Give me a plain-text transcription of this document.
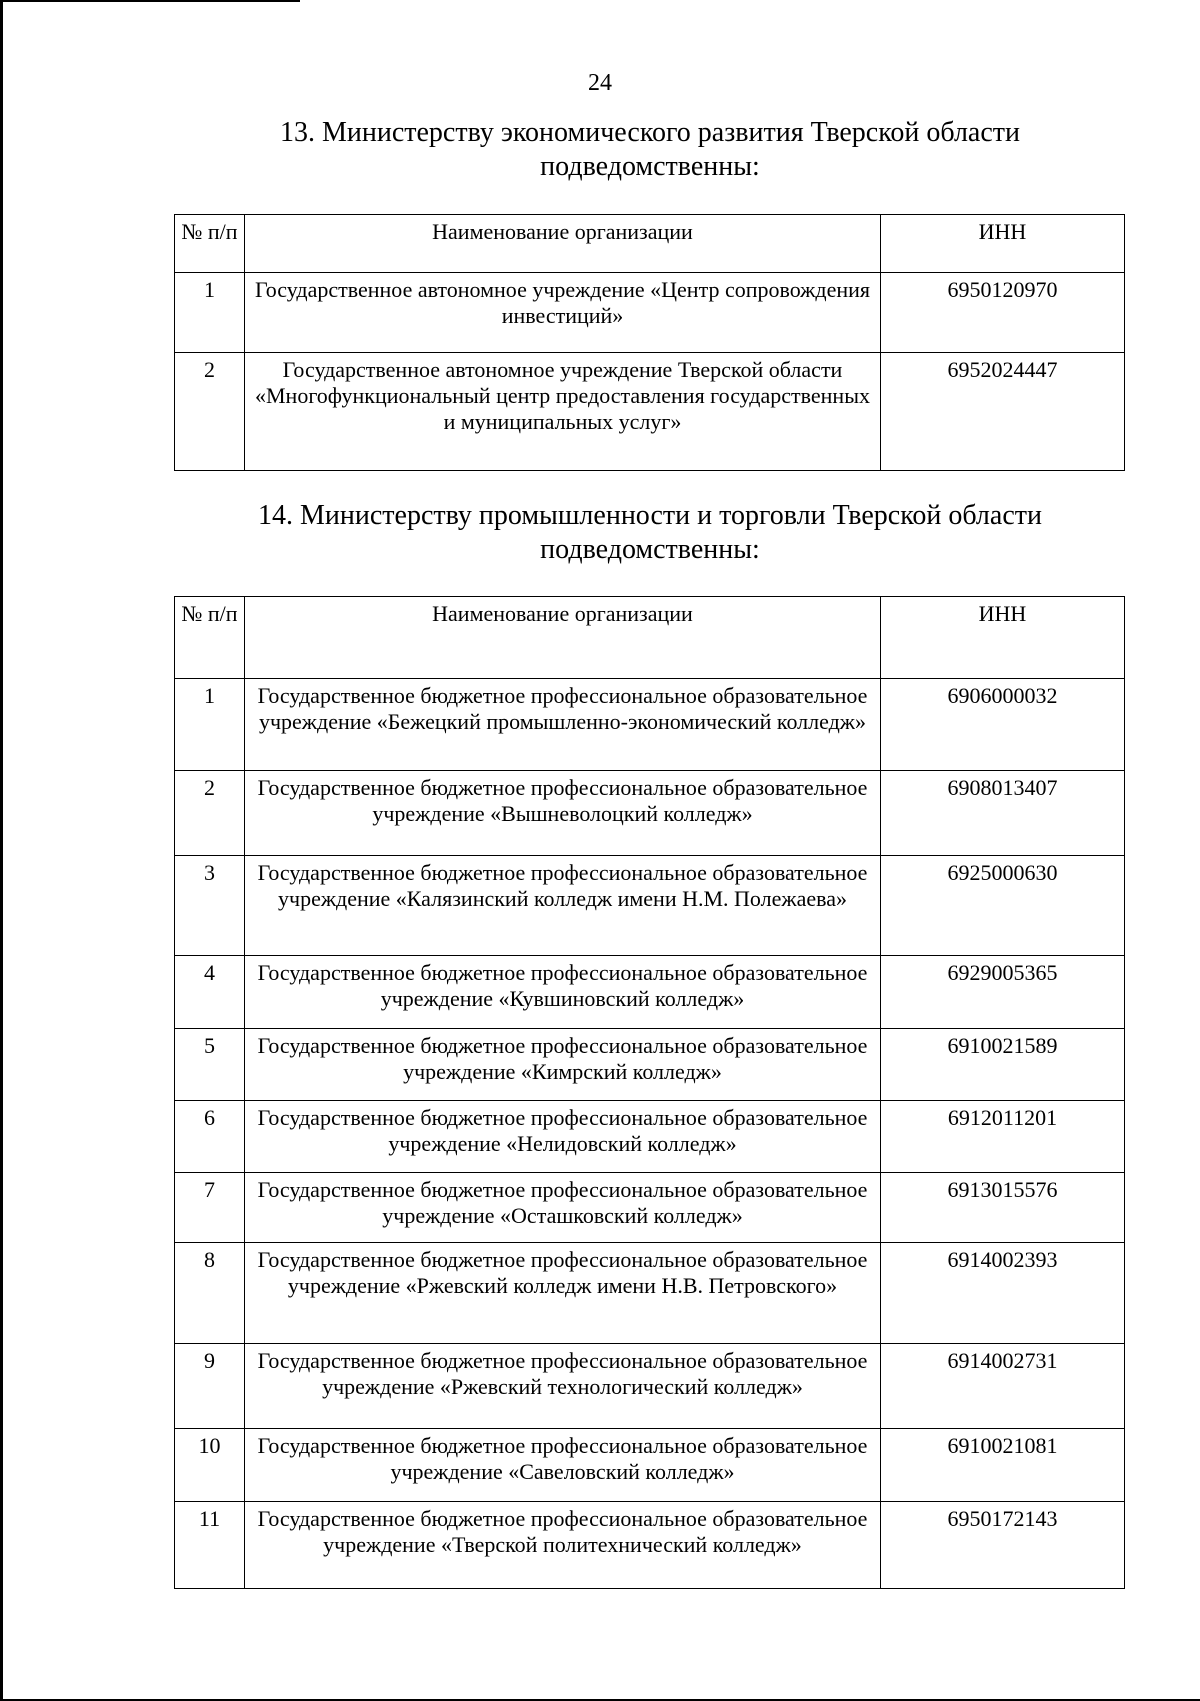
24
13. Министерству экономического развития Тверской области
подведомственны:
№ п/п	Наименование организации	ИНН
1	Государственное автономное учреждение «Центр сопровождения инвестиций»	6950120970
2	Государственное автономное учреждение Тверской области «Многофункциональный центр предоставления государственных и муниципальных услуг»	6952024447
14. Министерству промышленности и торговли Тверской области
подведомственны:
№ п/п	Наименование организации	ИНН
1	Государственное бюджетное профессиональное образовательное учреждение «Бежецкий промышленно-экономический колледж»	6906000032
2	Государственное бюджетное профессиональное образовательное учреждение «Вышневолоцкий колледж»	6908013407
3	Государственное бюджетное профессиональное образовательное учреждение «Калязинский колледж имени Н.М. Полежаева»	6925000630
4	Государственное бюджетное профессиональное образовательное учреждение «Кувшиновский колледж»	6929005365
5	Государственное бюджетное профессиональное образовательное учреждение «Кимрский колледж»	6910021589
6	Государственное бюджетное профессиональное образовательное учреждение «Нелидовский колледж»	6912011201
7	Государственное бюджетное профессиональное образовательное учреждение «Осташковский колледж»	6913015576
8	Государственное бюджетное профессиональное образовательное учреждение «Ржевский колледж имени Н.В. Петровского»	6914002393
9	Государственное бюджетное профессиональное образовательное учреждение «Ржевский технологический колледж»	6914002731
10	Государственное бюджетное профессиональное образовательное учреждение «Савеловский колледж»	6910021081
11	Государственное бюджетное профессиональное образовательное учреждение «Тверской политехнический колледж»	6950172143
